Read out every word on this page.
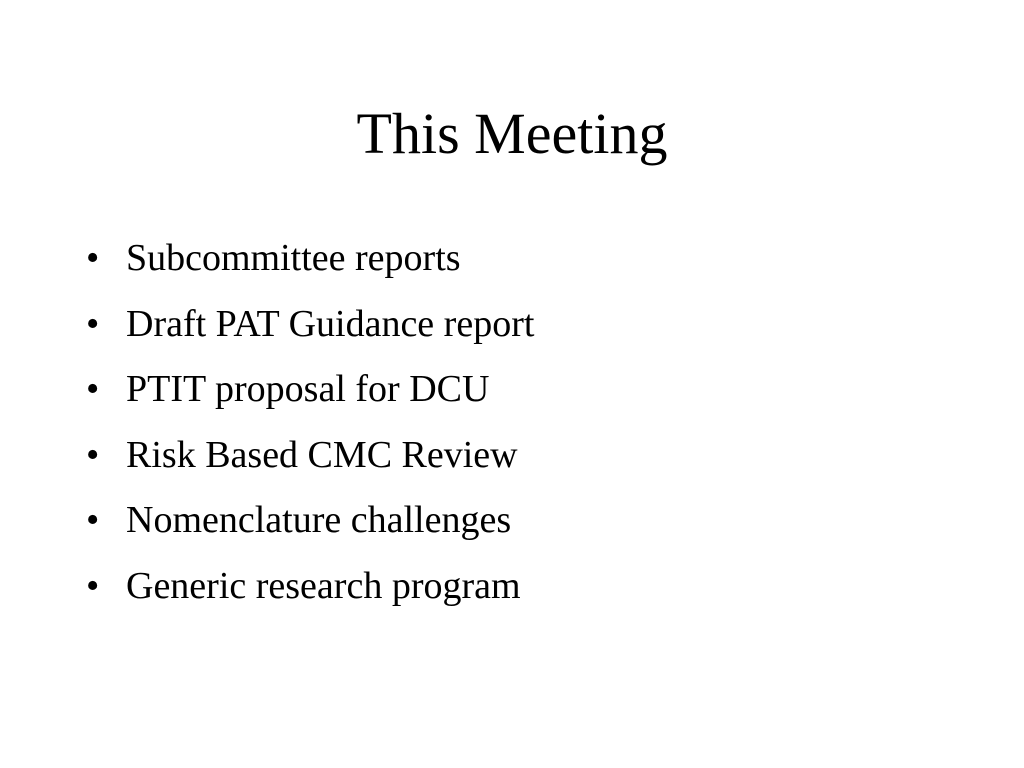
This Meeting
• Subcommittee reports
• Draft PAT Guidance report
• PTIT proposal for DCU
• Risk Based CMC Review
• Nomenclature challenges
• Generic research program
